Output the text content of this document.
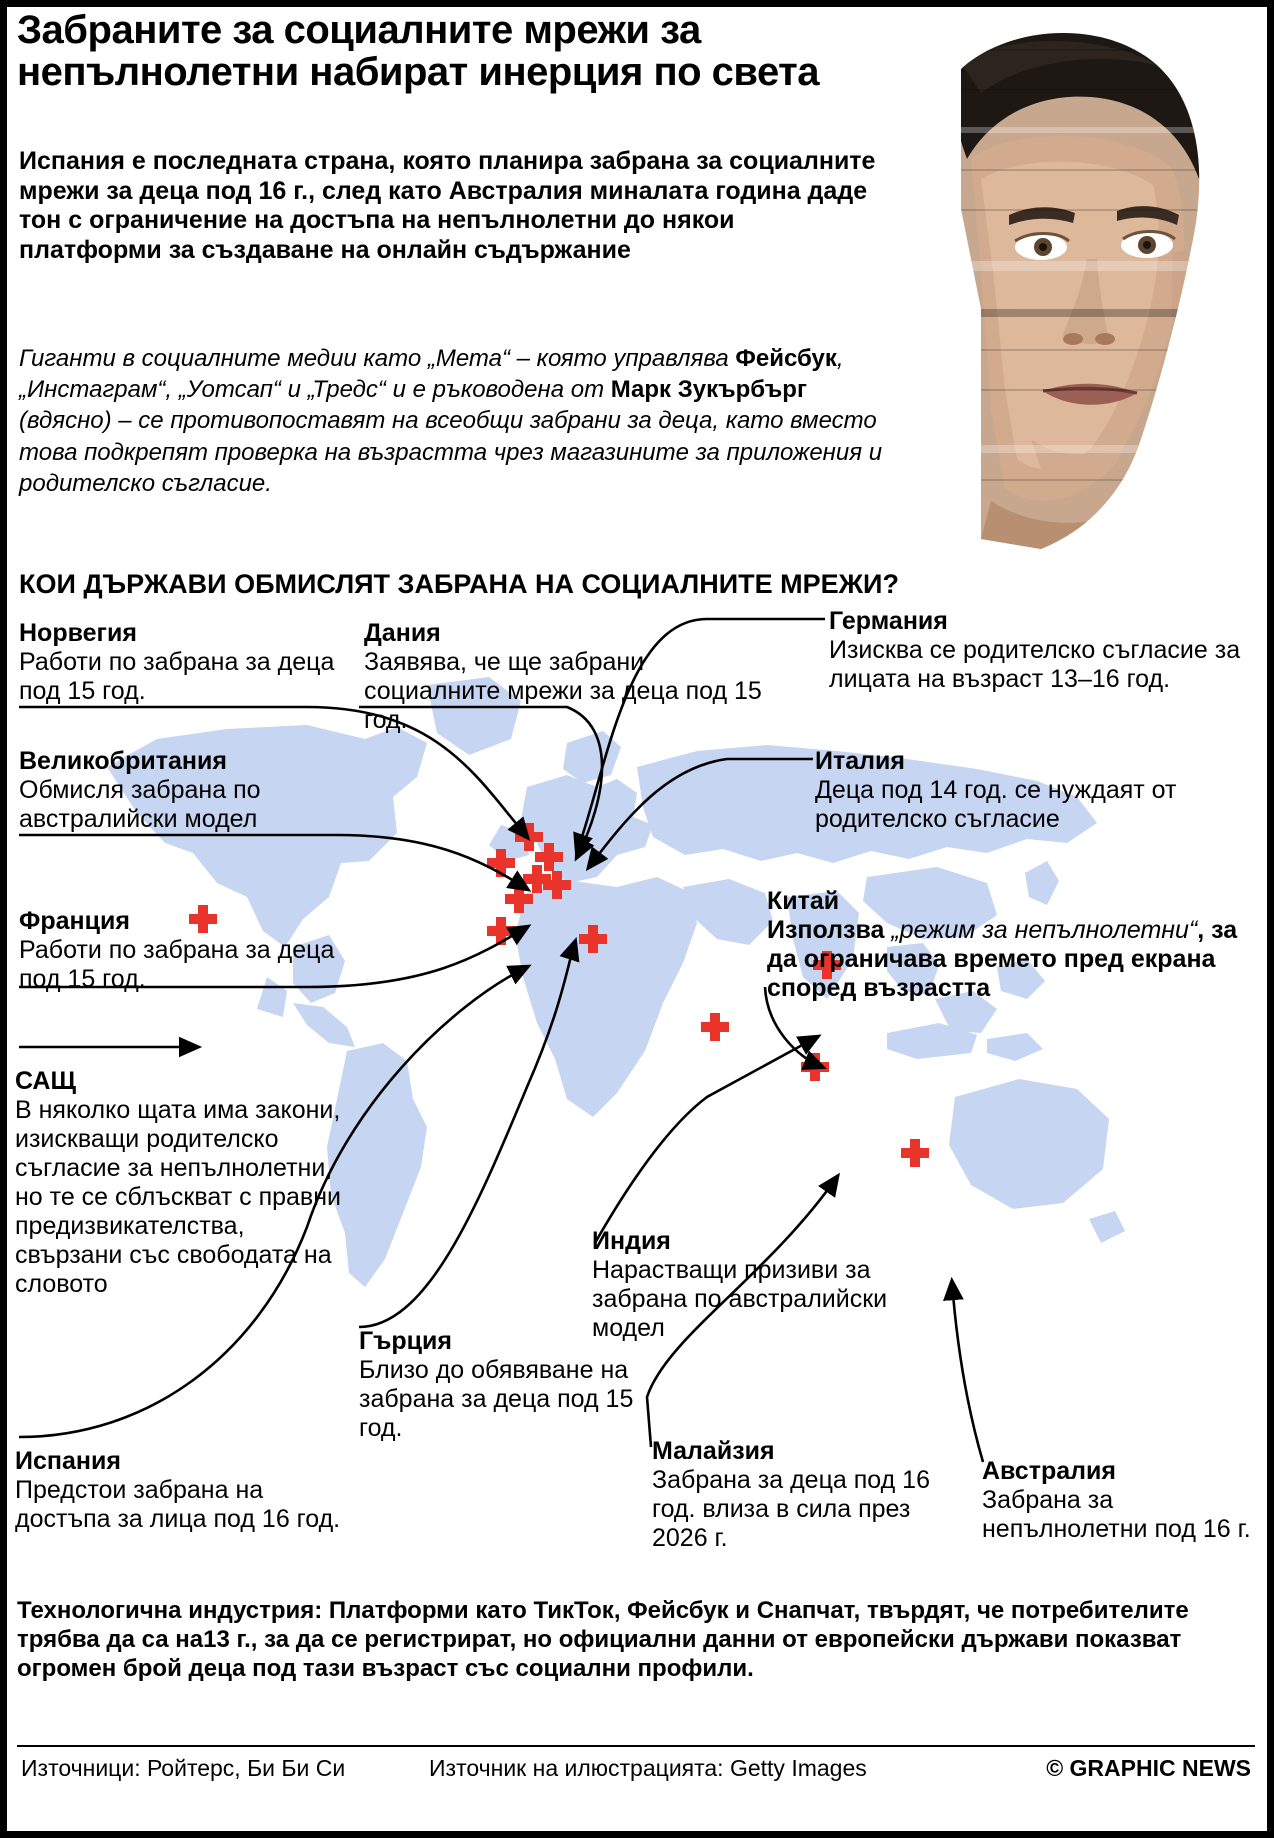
Забраните за социалните мрежи за непълнолетни набират инерция по света
Испания е последната страна, която планира забрана за социалните мрежи за деца под 16 г., след като Австралия миналата година даде тон с ограничение на достъпа на непълнолетни до някои платформи за създаване на онлайн съдържание
Гиганти в социалните медии като „Мета“ – която управлява Фейсбук, „Инстаграм“, „Уотсап“ и „Тредс“ и е ръководена от Марк Зукърбърг (вдясно) – се противопоставят на всеобщи забрани за деца, като вместо това подкрепят проверка на възрастта чрез магазините за приложения и родителско съгласие.
КОИ ДЪРЖАВИ ОБМИСЛЯТ ЗАБРАНА НА СОЦИАЛНИТЕ МРЕЖИ?
Норвегия
Работи по забрана за деца под 15 год.
Великобритания
Обмисля забрана по австралийски модел
Франция
Работи по забрана за деца под 15 год.
САЩ
В няколко щата има закони, изискващи родителско съгласие за непълнолетни, но те се сблъскват с правни предизвикателства, свързани със свободата на словото
Испания
Предстои забрана на достъпа за лица под 16 год.
Дания
Заявява, че ще забрани социалните мрежи за деца под 15 год.
Гърция
Близо до обявяване на забрана за деца под 15 год.
Германия
Изисква се родителско съгласие за лицата на възраст 13–16 год.
Италия
Деца под 14 год. се нуждаят от родителско съгласие
Китай
Използва „режим за непълнолетни“, за да ограничава времето пред екрана според възрастта
Индия
Нарастващи призиви за забрана по австралийски модел
Малайзия
Забрана за деца под 16 год. влиза в сила през 2026 г.
Австралия
Забрана за непълнолетни под 16 г.
Технологична индустрия: Платформи като ТикТок, Фейсбук и Снапчат, твърдят, че потребителите трябва да са на13 г., за да се регистрират, но официални данни от европейски държави показват огромен брой деца под тази възраст със социални профили.
Източници: Ройтерс, Би Би Си	Източник на илюстрацията: Getty Images	© GRAPHIC NEWS
